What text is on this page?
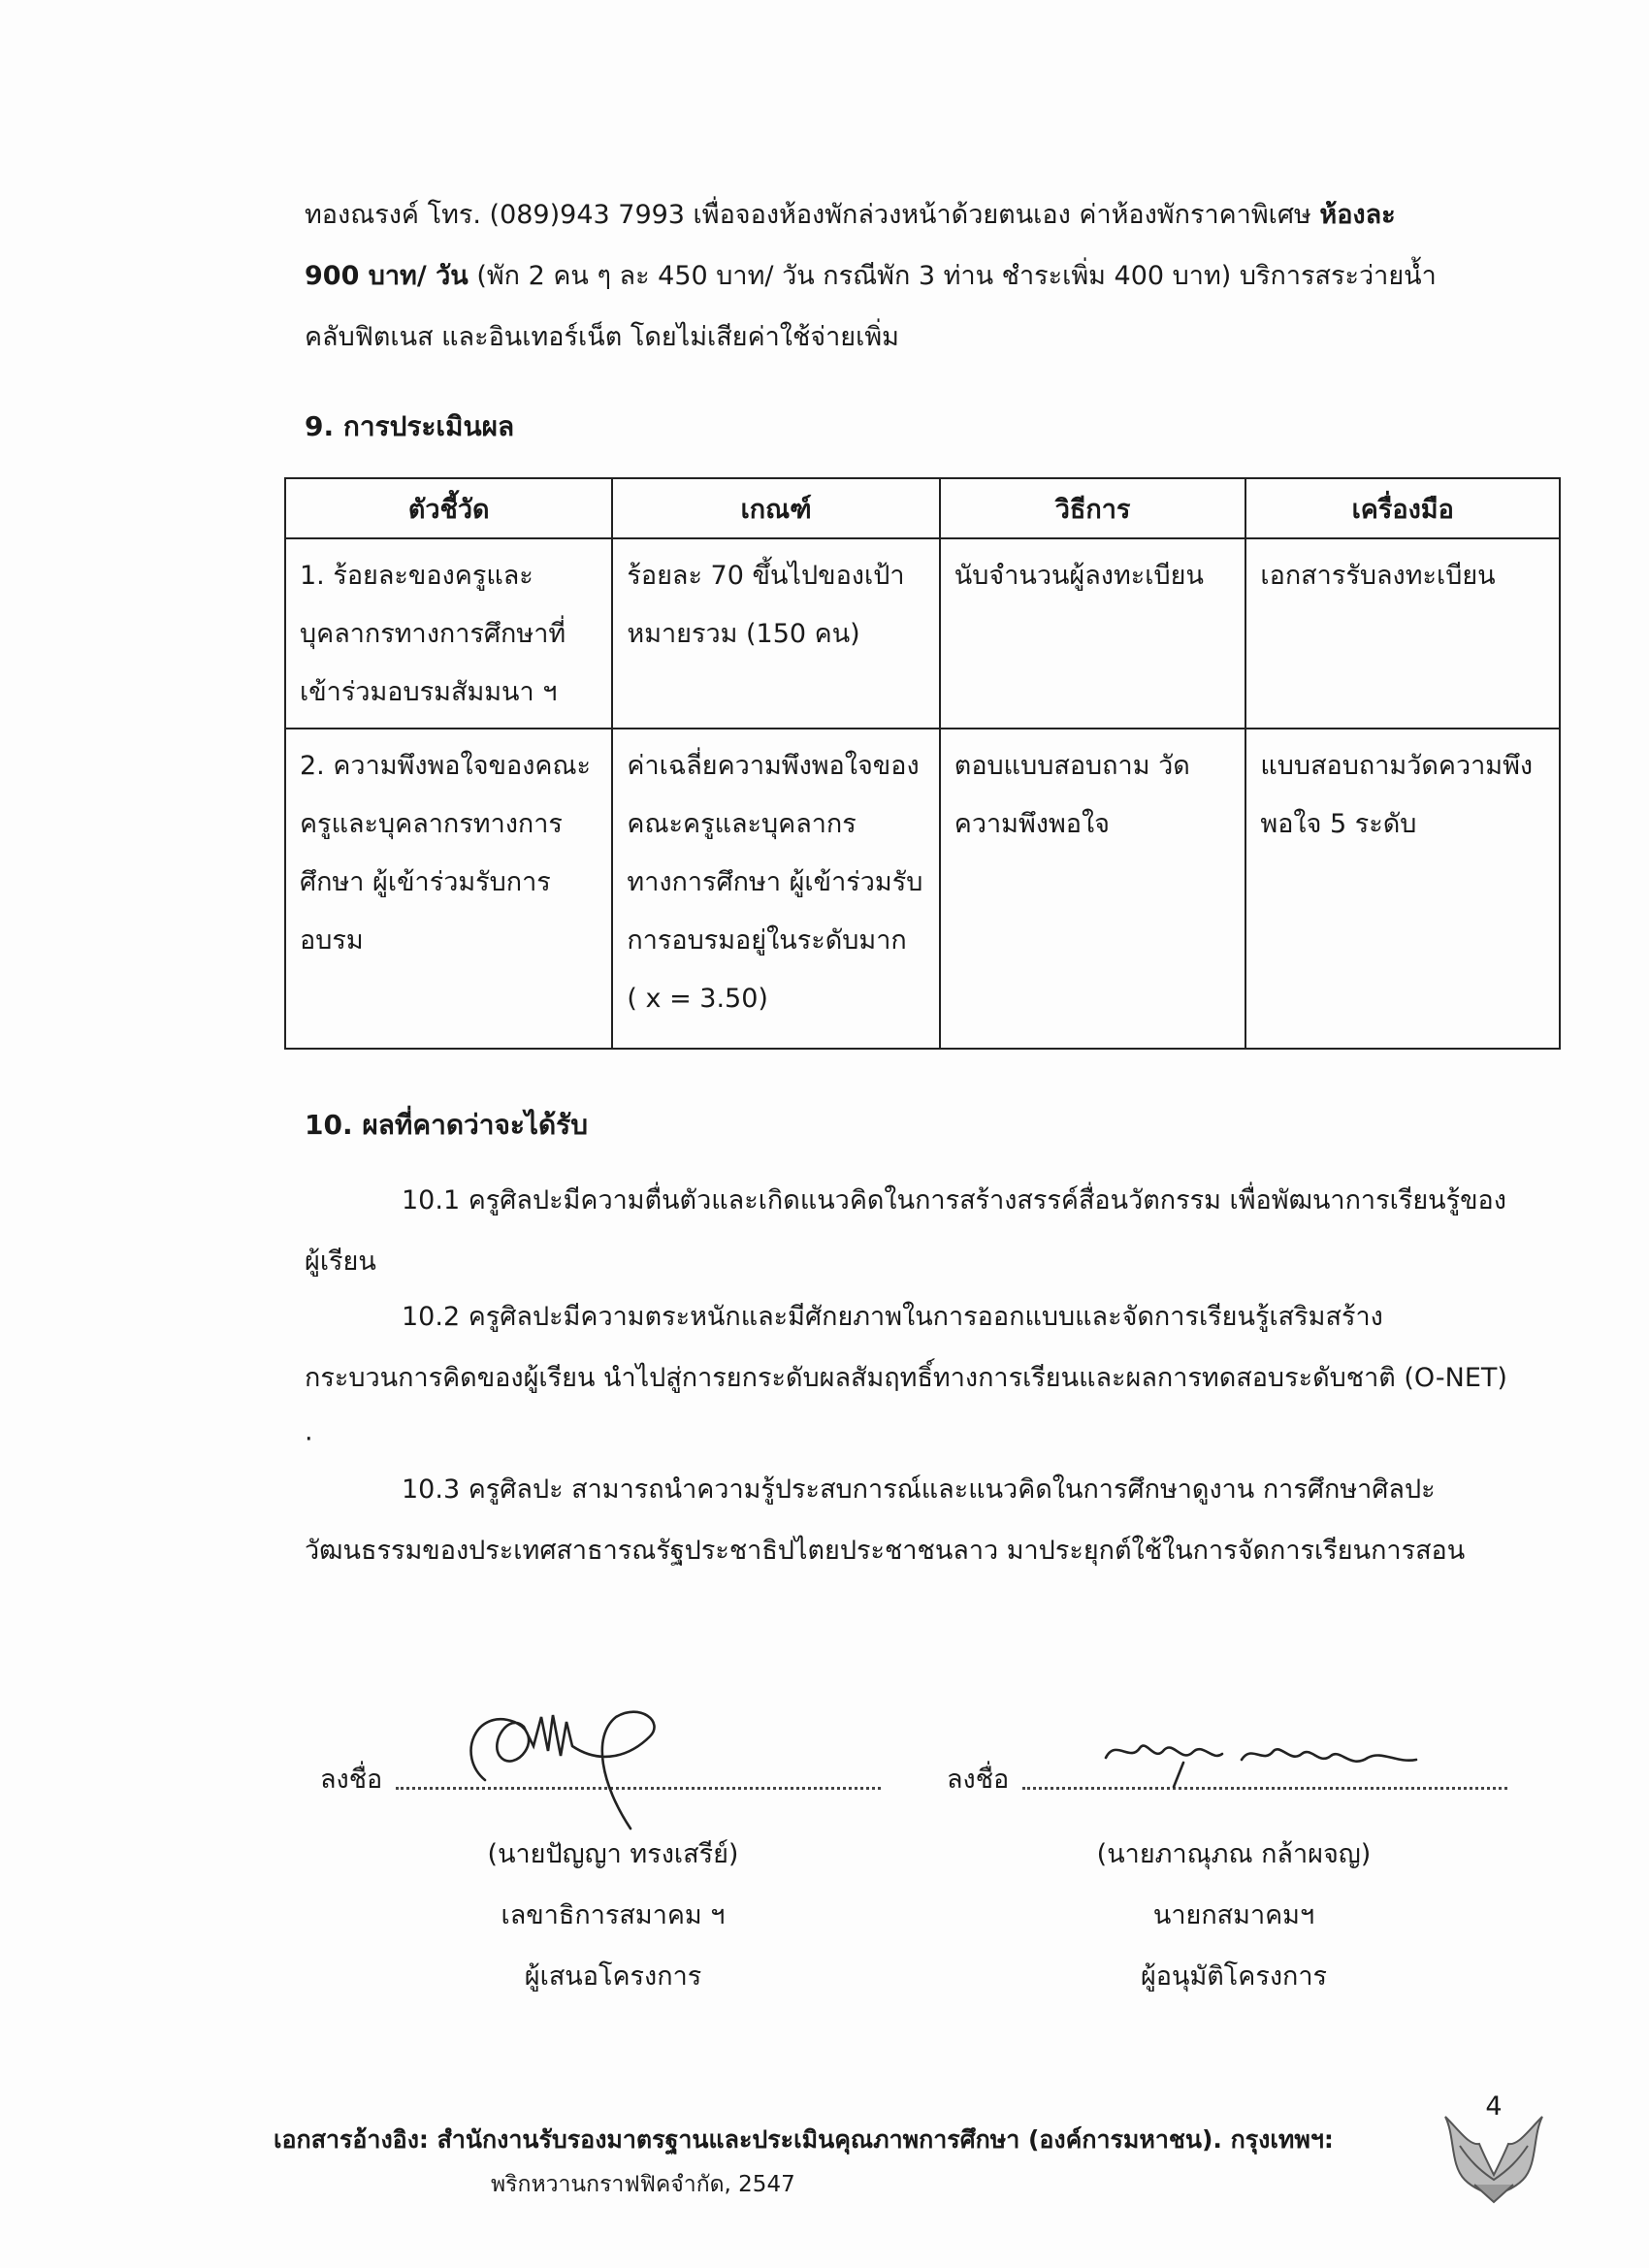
ทองณรงค์ โทร. (089)943 7993 เพื่อจองห้องพักล่วงหน้าด้วยตนเอง ค่าห้องพักราคาพิเศษ ห้องละ
900 บาท/ วัน (พัก 2 คน ๆ ละ 450 บาท/ วัน กรณีพัก 3 ท่าน ชำระเพิ่ม 400 บาท) บริการสระว่ายน้ำ
คลับฟิตเนส และอินเทอร์เน็ต โดยไม่เสียค่าใช้จ่ายเพิ่ม

9. การประเมินผล

ตัวชี้วัด	เกณฑ์	วิธีการ	เครื่องมือ
1. ร้อยละของครูและบุคลากรทางการศึกษาที่เข้าร่วมอบรมสัมมนา ฯ	ร้อยละ 70 ขึ้นไปของเป้าหมายรวม (150 คน)	นับจำนวนผู้ลงทะเบียน	เอกสารรับลงทะเบียน
2. ความพึงพอใจของคณะครูและบุคลากรทางการศึกษา ผู้เข้าร่วมรับการอบรม	ค่าเฉลี่ยความพึงพอใจของคณะครูและบุคลากรทางการศึกษา ผู้เข้าร่วมรับการอบรมอยู่ในระดับมาก ( x = 3.50)	ตอบแบบสอบถาม วัดความพึงพอใจ	แบบสอบถามวัดความพึงพอใจ 5 ระดับ

10. ผลที่คาดว่าจะได้รับ

10.1 ครูศิลปะมีความตื่นตัวและเกิดแนวคิดในการสร้างสรรค์สื่อนวัตกรรม เพื่อพัฒนาการเรียนรู้ของผู้เรียน

10.2 ครูศิลปะมีความตระหนักและมีศักยภาพในการออกแบบและจัดการเรียนรู้เสริมสร้างกระบวนการคิดของผู้เรียน นำไปสู่การยกระดับผลสัมฤทธิ์ทางการเรียนและผลการทดสอบระดับชาติ (O-NET) ·

10.3 ครูศิลปะ สามารถนำความรู้ประสบการณ์และแนวคิดในการศึกษาดูงาน การศึกษาศิลปะวัฒนธรรมของประเทศสาธารณรัฐประชาธิปไตยประชาชนลาว มาประยุกต์ใช้ในการจัดการเรียนการสอน

ลงชื่อ
(นายปัญญา ทรงเสรีย์)
เลขาธิการสมาคม ฯ
ผู้เสนอโครงการ
ลงชื่อ
(นายภาณุภณ กล้าผจญ)
นายกสมาคมฯ
ผู้อนุมัติโครงการ
เอกสารอ้างอิง: สำนักงานรับรองมาตรฐานและประเมินคุณภาพการศึกษา (องค์การมหาชน). กรุงเทพฯ:
พริกหวานกราฟฟิคจำกัด, 2547
4
